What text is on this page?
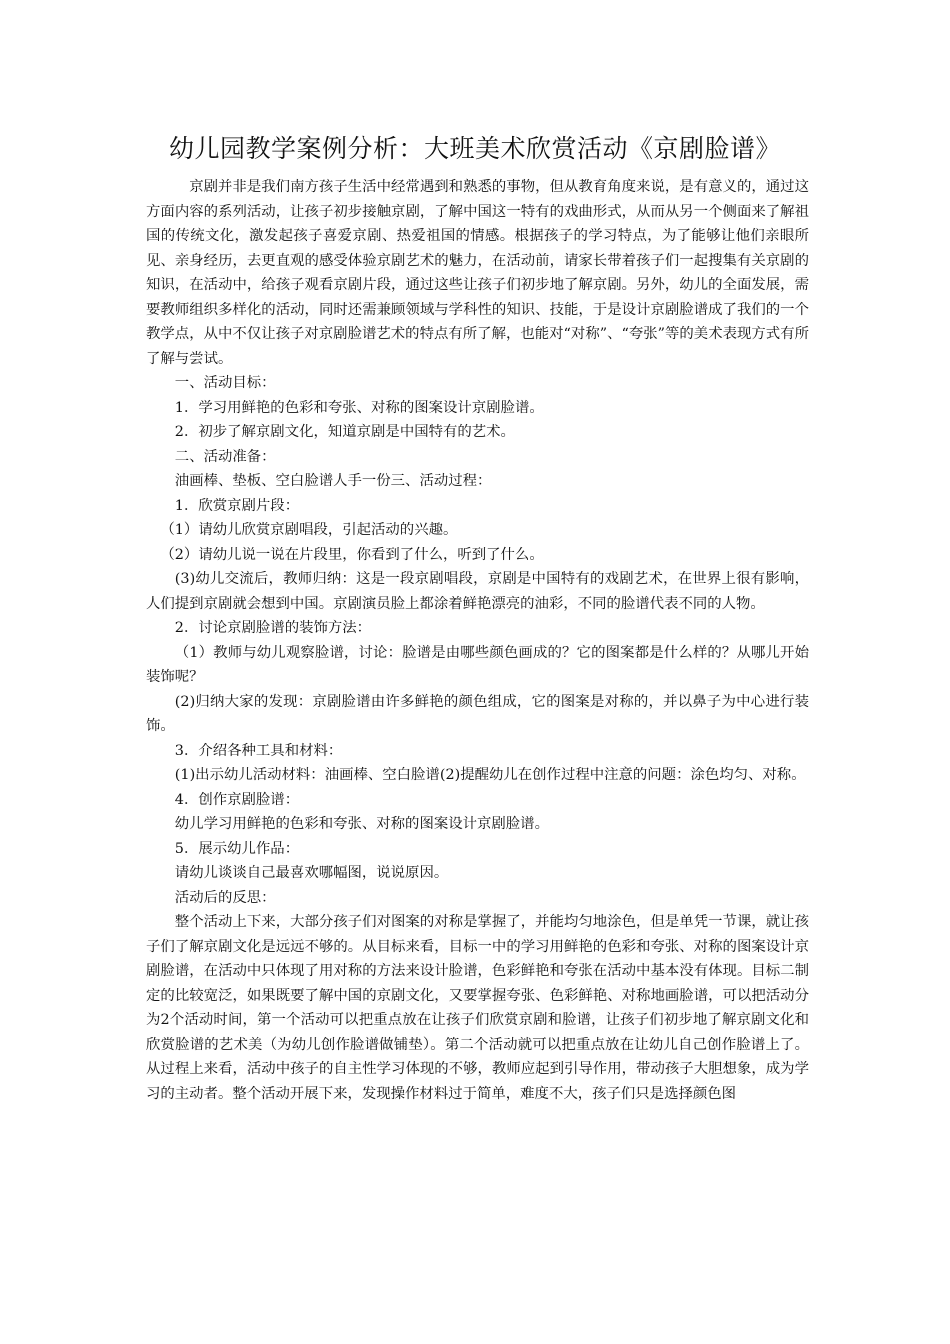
幼儿园教学案例分析：大班美术欣赏活动《京剧脸谱》

京剧并非是我们南方孩子生活中经常遇到和熟悉的事物，但从教育角度来说，是有意义的，通过这方面内容的系列活动，让孩子初步接触京剧，了解中国这一特有的戏曲形式，从而从另一个侧面来了解祖国的传统文化，激发起孩子喜爱京剧、热爱祖国的情感。根据孩子的学习特点，为了能够让他们亲眼所见、亲身经历，去更直观的感受体验京剧艺术的魅力，在活动前，请家长带着孩子们一起搜集有关京剧的知识，在活动中，给孩子观看京剧片段，通过这些让孩子们初步地了解京剧。另外，幼儿的全面发展，需要教师组织多样化的活动，同时还需兼顾领域与学科性的知识、技能，于是设计京剧脸谱成了我们的一个教学点，从中不仅让孩子对京剧脸谱艺术的特点有所了解，也能对“对称”、“夸张”等的美术表现方式有所了解与尝试。

一、活动目标：

1．学习用鲜艳的色彩和夸张、对称的图案设计京剧脸谱。

2．初步了解京剧文化，知道京剧是中国特有的艺术。

二、活动准备：

油画棒、垫板、空白脸谱人手一份三、活动过程：

1．欣赏京剧片段：

（1）请幼儿欣赏京剧唱段，引起活动的兴趣。

（2）请幼儿说一说在片段里，你看到了什么，听到了什么。

(3)幼儿交流后，教师归纳：这是一段京剧唱段，京剧是中国特有的戏剧艺术，在世界上很有影响，人们提到京剧就会想到中国。京剧演员脸上都涂着鲜艳漂亮的油彩，不同的脸谱代表不同的人物。

2．讨论京剧脸谱的装饰方法：

（1）教师与幼儿观察脸谱，讨论：脸谱是由哪些颜色画成的？它的图案都是什么样的？从哪儿开始装饰呢？

(2)归纳大家的发现：京剧脸谱由许多鲜艳的颜色组成，它的图案是对称的，并以鼻子为中心进行装饰。

3．介绍各种工具和材料：

(1)出示幼儿活动材料：油画棒、空白脸谱(2)提醒幼儿在创作过程中注意的问题：涂色均匀、对称。

4．创作京剧脸谱：

幼儿学习用鲜艳的色彩和夸张、对称的图案设计京剧脸谱。

5．展示幼儿作品：

请幼儿谈谈自己最喜欢哪幅图，说说原因。

活动后的反思：

整个活动上下来，大部分孩子们对图案的对称是掌握了，并能均匀地涂色，但是单凭一节课，就让孩子们了解京剧文化是远远不够的。从目标来看，目标一中的学习用鲜艳的色彩和夸张、对称的图案设计京剧脸谱，在活动中只体现了用对称的方法来设计脸谱，色彩鲜艳和夸张在活动中基本没有体现。目标二制定的比较宽泛，如果既要了解中国的京剧文化，又要掌握夸张、色彩鲜艳、对称地画脸谱，可以把活动分为2个活动时间，第一个活动可以把重点放在让孩子们欣赏京剧和脸谱，让孩子们初步地了解京剧文化和欣赏脸谱的艺术美（为幼儿创作脸谱做铺垫）。第二个活动就可以把重点放在让幼儿自己创作脸谱上了。从过程上来看，活动中孩子的自主性学习体现的不够，教师应起到引导作用，带动孩子大胆想象，成为学习的主动者。整个活动开展下来，发现操作材料过于简单，难度不大，孩子们只是选择颜色图
